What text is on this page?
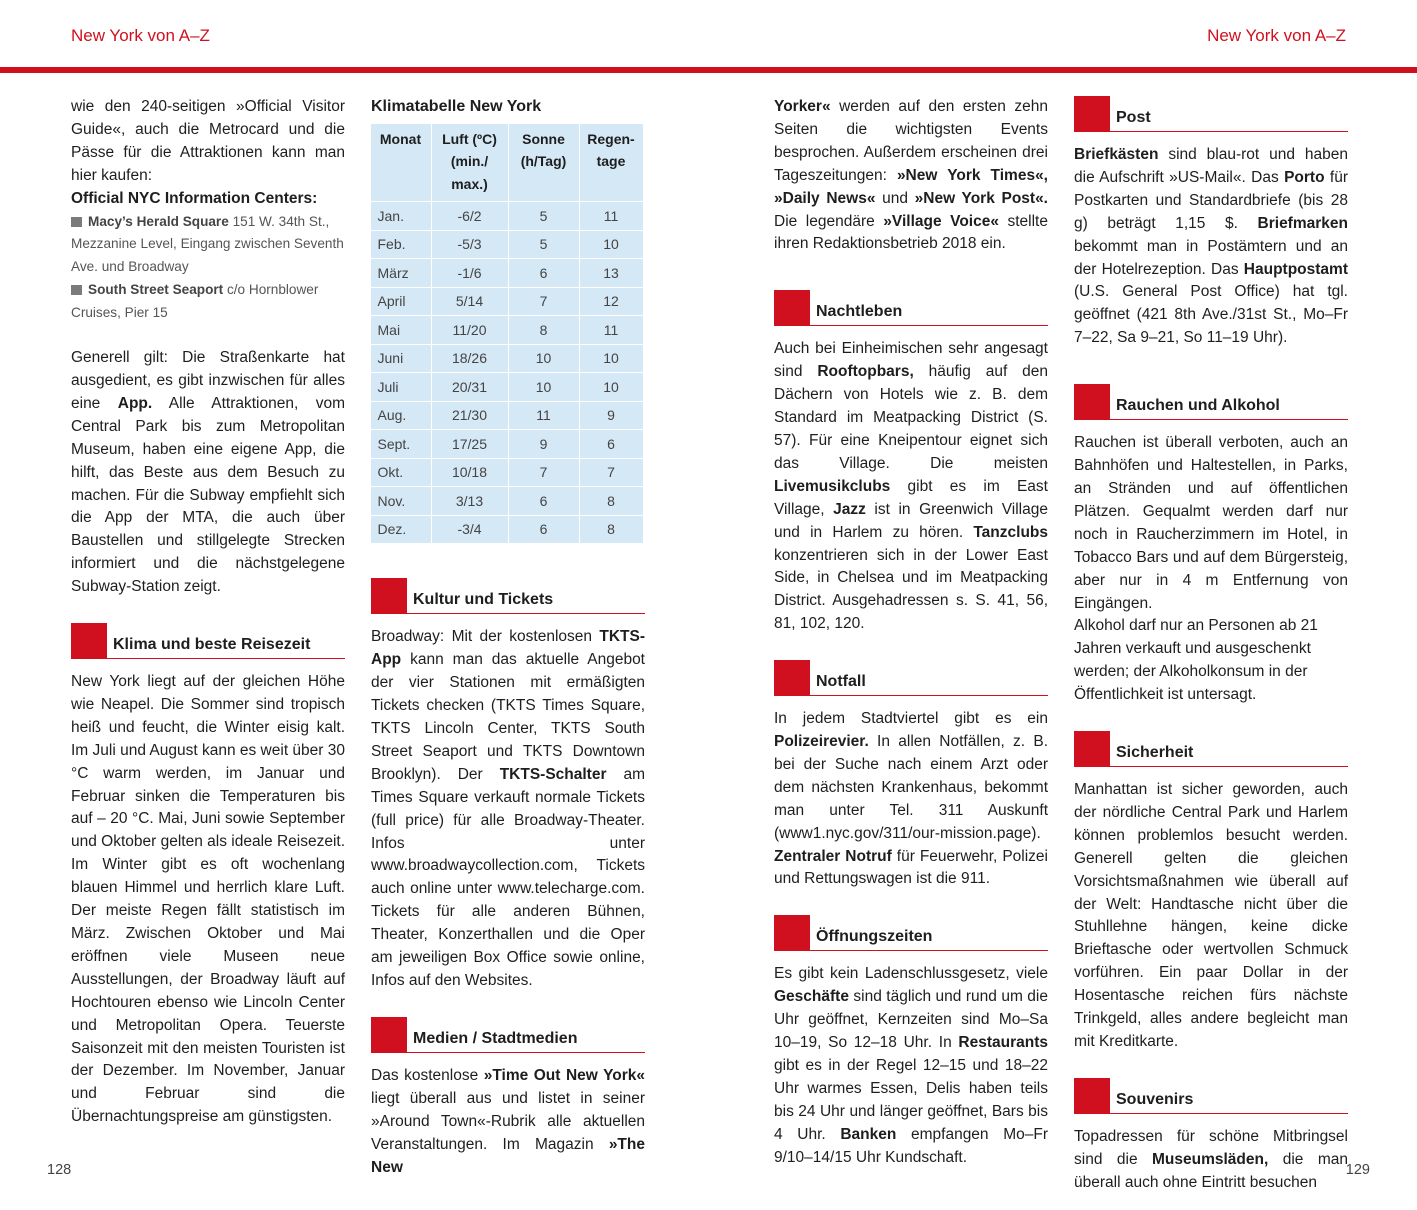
New York von A–Z	New York von A–Z

wie den 240-seitigen »Official Visitor Guide«, auch die Metrocard und die Pässe für die Attraktionen kann man hier kaufen:

Official NYC Information Centers:

Macy’s Herald Square 151 W. 34th St., Mezzanine Level, Eingang zwischen Seventh Ave. und Broadway

South Street Seaport c/o Hornblower Cruises, Pier 15

Generell gilt: Die Straßenkarte hat ausgedient, es gibt inzwischen für alles eine App. Alle Attraktionen, vom Central Park bis zum Metropolitan Museum, haben eine eigene App, die hilft, das Beste aus dem Besuch zu machen. Für die Subway empfiehlt sich die App der MTA, die auch über Baustellen und stillgelegte Strecken informiert und die nächstgelegene Subway-Station zeigt.

Klima und beste Reisezeit

New York liegt auf der gleichen Höhe wie Neapel. Die Sommer sind tropisch heiß und feucht, die Winter eisig kalt. Im Juli und August kann es weit über 30 °C warm werden, im Januar und Februar sinken die Temperaturen bis auf – 20 °C. Mai, Juni sowie September und Oktober gelten als ideale Reisezeit. Im Winter gibt es oft wochenlang blauen Himmel und herrlich klare Luft. Der meiste Regen fällt statistisch im März. Zwischen Oktober und Mai eröffnen viele Museen neue Ausstellungen, der Broadway läuft auf Hochtouren ebenso wie Lincoln Center und Metropolitan Opera. Teuerste Saisonzeit mit den meisten Touristen ist der Dezember. Im November, Januar und Februar sind die Übernachtungspreise am günstigsten.

Klimatabelle New York
Monat	Luft (ºC) (min./ max.)	Sonne (h/Tag)	Regen-tage
Jan.	-6/2	5	11
Feb.	-5/3	5	10
März	-1/6	6	13
April	5/14	7	12
Mai	11/20	8	11
Juni	18/26	10	10
Juli	20/31	10	10
Aug.	21/30	11	9
Sept.	17/25	9	6
Okt.	10/18	7	7
Nov.	3/13	6	8
Dez.	-3/4	6	8
Kultur und Tickets

Broadway: Mit der kostenlosen TKTS-App kann man das aktuelle Angebot der vier Stationen mit ermäßigten Tickets checken (TKTS Times Square, TKTS Lincoln Center, TKTS South Street Seaport und TKTS Downtown Brooklyn). Der TKTS-Schalter am Times Square verkauft normale Tickets (full price) für alle Broadway-Theater. Infos unter www.broadwaycollection.com, Tickets auch online unter www.telecharge.com. Tickets für alle anderen Bühnen, Theater, Konzerthallen und die Oper am jeweiligen Box Office sowie online, Infos auf den Websites.

Medien / Stadtmedien

Das kostenlose »Time Out New York« liegt überall aus und listet in seiner »Around Town«-Rubrik alle aktuellen Veranstaltungen. Im Magazin »The New

Yorker« werden auf den ersten zehn Seiten die wichtigsten Events besprochen. Außerdem erscheinen drei Tageszeitungen: »New York Times«, »Daily News« und »New York Post«. Die legendäre »Village Voice« stellte ihren Redaktionsbetrieb 2018 ein.

Nachtleben

Auch bei Einheimischen sehr angesagt sind Rooftopbars, häufig auf den Dächern von Hotels wie z. B. dem Standard im Meatpacking District (S. 57). Für eine Kneipentour eignet sich das Village. Die meisten Livemusikclubs gibt es im East Village, Jazz ist in Greenwich Village und in Harlem zu hören. Tanzclubs konzentrieren sich in der Lower East Side, in Chelsea und im Meatpacking District. Ausgehadressen s. S. 41, 56, 81, 102, 120.

Notfall

In jedem Stadtviertel gibt es ein Polizeirevier. In allen Notfällen, z. B. bei der Suche nach einem Arzt oder dem nächsten Krankenhaus, bekommt man unter Tel. 311 Auskunft (www1.nyc.gov/311/our-mission.page). Zentraler Notruf für Feuerwehr, Polizei und Rettungswagen ist die 911.

Öffnungszeiten

Es gibt kein Ladenschlussgesetz, viele Geschäfte sind täglich und rund um die Uhr geöffnet, Kernzeiten sind Mo–Sa 10–19, So 12–18 Uhr. In Restaurants gibt es in der Regel 12–15 und 18–22 Uhr warmes Essen, Delis haben teils bis 24 Uhr und länger geöffnet, Bars bis 4 Uhr. Banken empfangen Mo–Fr 9/10–14/15 Uhr Kundschaft.

Post

Briefkästen sind blau-rot und haben die Aufschrift »US-Mail«. Das Porto für Postkarten und Standardbriefe (bis 28 g) beträgt 1,15 $. Briefmarken bekommt man in Postämtern und an der Hotelrezeption. Das Hauptpostamt (U.S. General Post Office) hat tgl. geöffnet (421 8th Ave./31st St., Mo–Fr 7–22, Sa 9–21, So 11–19 Uhr).

Rauchen und Alkohol

Rauchen ist überall verboten, auch an Bahnhöfen und Haltestellen, in Parks, an Stränden und auf öffentlichen Plätzen. Gequalmt werden darf nur noch in Raucherzimmern im Hotel, in Tobacco Bars und auf dem Bürgersteig, aber nur in 4 m Entfernung von Eingängen.

Alkohol darf nur an Personen ab 21 Jahren verkauft und ausgeschenkt werden; der Alkoholkonsum in der Öffentlichkeit ist untersagt.

Sicherheit

Manhattan ist sicher geworden, auch der nördliche Central Park und Harlem können problemlos besucht werden. Generell gelten die gleichen Vorsichtsmaßnahmen wie überall auf der Welt: Handtasche nicht über die Stuhllehne hängen, keine dicke Brieftasche oder wertvollen Schmuck vorführen. Ein paar Dollar in der Hosentasche reichen fürs nächste Trinkgeld, alles andere begleicht man mit Kreditkarte.

Souvenirs

Topadressen für schöne Mitbringsel sind die Museumsläden, die man überall auch ohne Eintritt besuchen

128	129
